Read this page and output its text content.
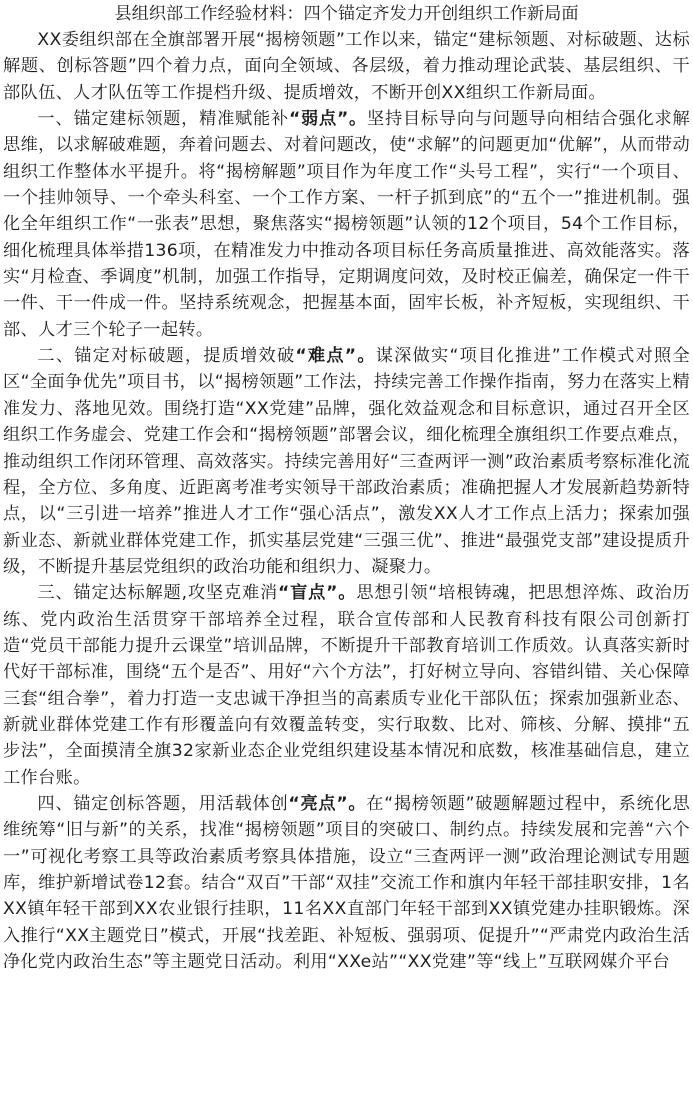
县组织部工作经验材料：四个锚定齐发力开创组织工作新局面

XX委组织部在全旗部署开展“揭榜领题”工作以来，锚定“建标领题、对标破题、达标解题、创标答题”四个着力点，面向全领域、各层级，着力推动理论武装、基层组织、干部队伍、人才队伍等工作提档升级、提质增效，不断开创XX组织工作新局面。

一、锚定建标领题，精准赋能补“弱点”。坚持目标导向与问题导向相结合强化求解思维，以求解破难题，奔着问题去、对着问题改，使“求解”的问题更加“优解”，从而带动组织工作整体水平提升。将“揭榜解题”项目作为年度工作“头号工程”，实行“一个项目、一个挂帅领导、一个牵头科室、一个工作方案、一杆子抓到底”的“五个一”推进机制。强化全年组织工作“一张表”思想，聚焦落实“揭榜领题”认领的12个项目，54个工作目标，细化梳理具体举措136项，在精准发力中推动各项目标任务高质量推进、高效能落实。落实“月检查、季调度”机制，加强工作指导，定期调度问效，及时校正偏差，确保定一件干一件、干一件成一件。坚持系统观念，把握基本面，固牢长板，补齐短板，实现组织、干部、人才三个轮子一起转。

二、锚定对标破题，提质增效破“难点”。谋深做实“项目化推进”工作模式对照全区“全面争优先”项目书，以“揭榜领题”工作法，持续完善工作操作指南，努力在落实上精准发力、落地见效。围绕打造“XX党建”品牌，强化效益观念和目标意识，通过召开全区组织工作务虚会、党建工作会和“揭榜领题”部署会议，细化梳理全旗组织工作要点难点，推动组织工作闭环管理、高效落实。持续完善用好“三查两评一测”政治素质考察标准化流程，全方位、多角度、近距离考准考实领导干部政治素质；准确把握人才发展新趋势新特点，以“三引进一培养”推进人才工作“强心活点”，激发XX人才工作点上活力；探索加强新业态、新就业群体党建工作，抓实基层党建“三强三优”、推进“最强党支部”建设提质升级，不断提升基层党组织的政治功能和组织力、凝聚力。

三、锚定达标解题,攻坚克难消“盲点”。思想引领“培根铸魂，把思想淬炼、政治历练、党内政治生活贯穿干部培养全过程，联合宣传部和人民教育科技有限公司创新打造“党员干部能力提升云课堂”培训品牌，不断提升干部教育培训工作质效。认真落实新时代好干部标准，围绕“五个是否”、用好“六个方法”，打好树立导向、容错纠错、关心保障三套“组合拳”，着力打造一支忠诚干净担当的高素质专业化干部队伍；探索加强新业态、新就业群体党建工作有形覆盖向有效覆盖转变，实行取数、比对、筛核、分解、摸排“五步法”，全面摸清全旗32家新业态企业党组织建设基本情况和底数，核准基础信息，建立工作台账。

四、锚定创标答题，用活载体创“亮点”。在“揭榜领题”破题解题过程中，系统化思维统筹“旧与新”的关系，找准“揭榜领题”项目的突破口、制约点。持续发展和完善“六个一”可视化考察工具等政治素质考察具体措施，设立“三查两评一测”政治理论测试专用题库，维护新增试卷12套。结合“双百”干部“双挂”交流工作和旗内年轻干部挂职安排，1名XX镇年轻干部到XX农业银行挂职，11名XX直部门年轻干部到XX镇党建办挂职锻炼。深入推行“XX主题党日”模式，开展“找差距、补短板、强弱项、促提升”“严肃党内政治生活 净化党内政治生态”等主题党日活动。利用“XXe站”“XX党建”等“线上”互联网媒介平台
